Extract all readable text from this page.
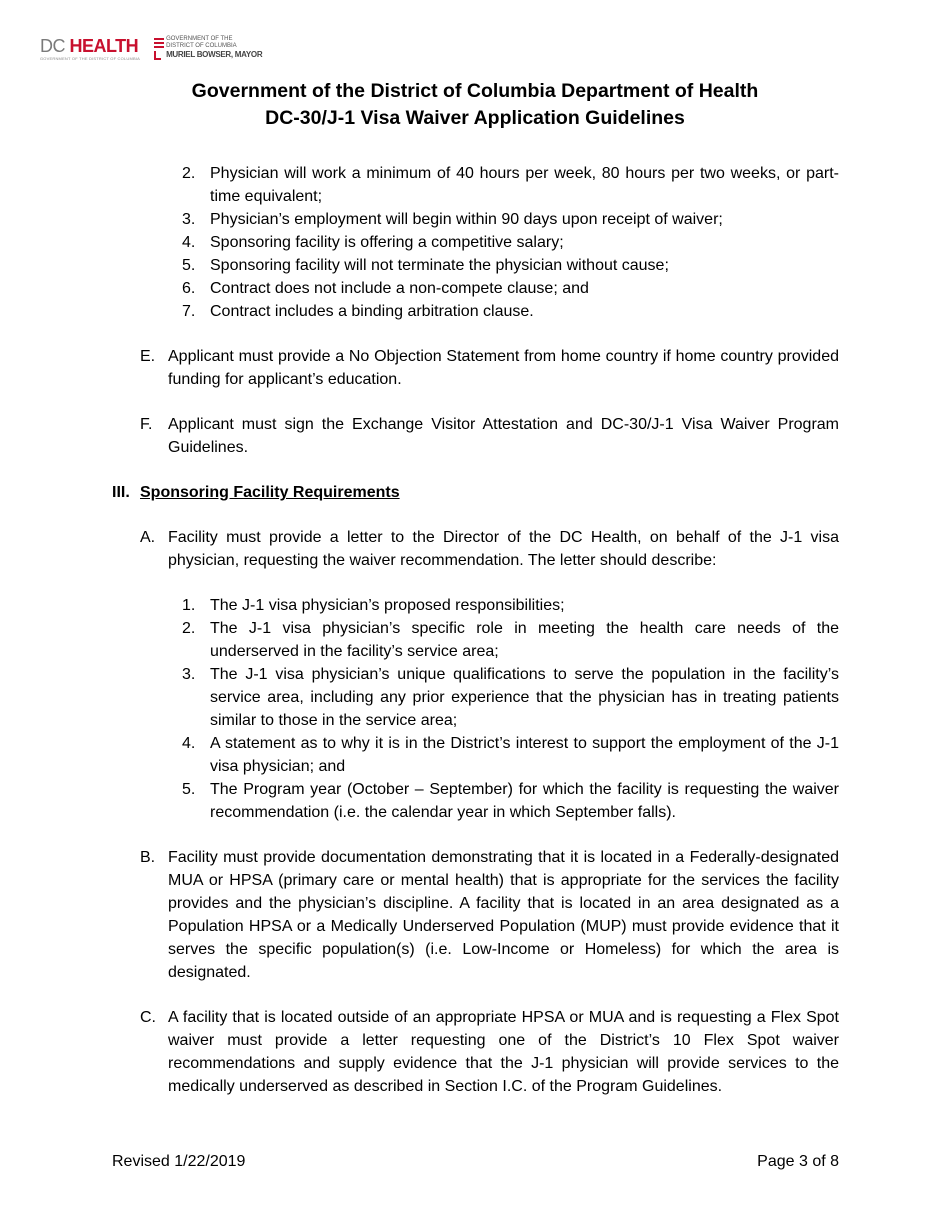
DC HEALTH
GOVERNMENT OF THE DISTRICT OF COLUMBIA
GOVERNMENT OF THE
DISTRICT OF COLUMBIA
MURIEL BOWSER, MAYOR
Government of the District of Columbia Department of Health
DC-30/J-1 Visa Waiver Application Guidelines
2. Physician will work a minimum of 40 hours per week, 80 hours per two weeks, or part-time equivalent;
3. Physician’s employment will begin within 90 days upon receipt of waiver;
4. Sponsoring facility is offering a competitive salary;
5. Sponsoring facility will not terminate the physician without cause;
6. Contract does not include a non-compete clause; and
7. Contract includes a binding arbitration clause.
E. Applicant must provide a No Objection Statement from home country if home country provided funding for applicant’s education.
F. Applicant must sign the Exchange Visitor Attestation and DC-30/J-1 Visa Waiver Program Guidelines.
III. Sponsoring Facility Requirements
A. Facility must provide a letter to the Director of the DC Health, on behalf of the J-1 visa physician, requesting the waiver recommendation. The letter should describe:
1. The J-1 visa physician’s proposed responsibilities;
2. The J-1 visa physician’s specific role in meeting the health care needs of the underserved in the facility’s service area;
3. The J-1 visa physician’s unique qualifications to serve the population in the facility’s service area, including any prior experience that the physician has in treating patients similar to those in the service area;
4. A statement as to why it is in the District’s interest to support the employment of the J-1 visa physician; and
5. The Program year (October – September) for which the facility is requesting the waiver recommendation (i.e. the calendar year in which September falls).
B. Facility must provide documentation demonstrating that it is located in a Federally-designated MUA or HPSA (primary care or mental health) that is appropriate for the services the facility provides and the physician’s discipline. A facility that is located in an area designated as a Population HPSA or a Medically Underserved Population (MUP) must provide evidence that it serves the specific population(s) (i.e. Low-Income or Homeless) for which the area is designated.
C. A facility that is located outside of an appropriate HPSA or MUA and is requesting a Flex Spot waiver must provide a letter requesting one of the District’s 10 Flex Spot waiver recommendations and supply evidence that the J-1 physician will provide services to the medically underserved as described in Section I.C. of the Program Guidelines.
Revised 1/22/2019	Page 3 of 8
